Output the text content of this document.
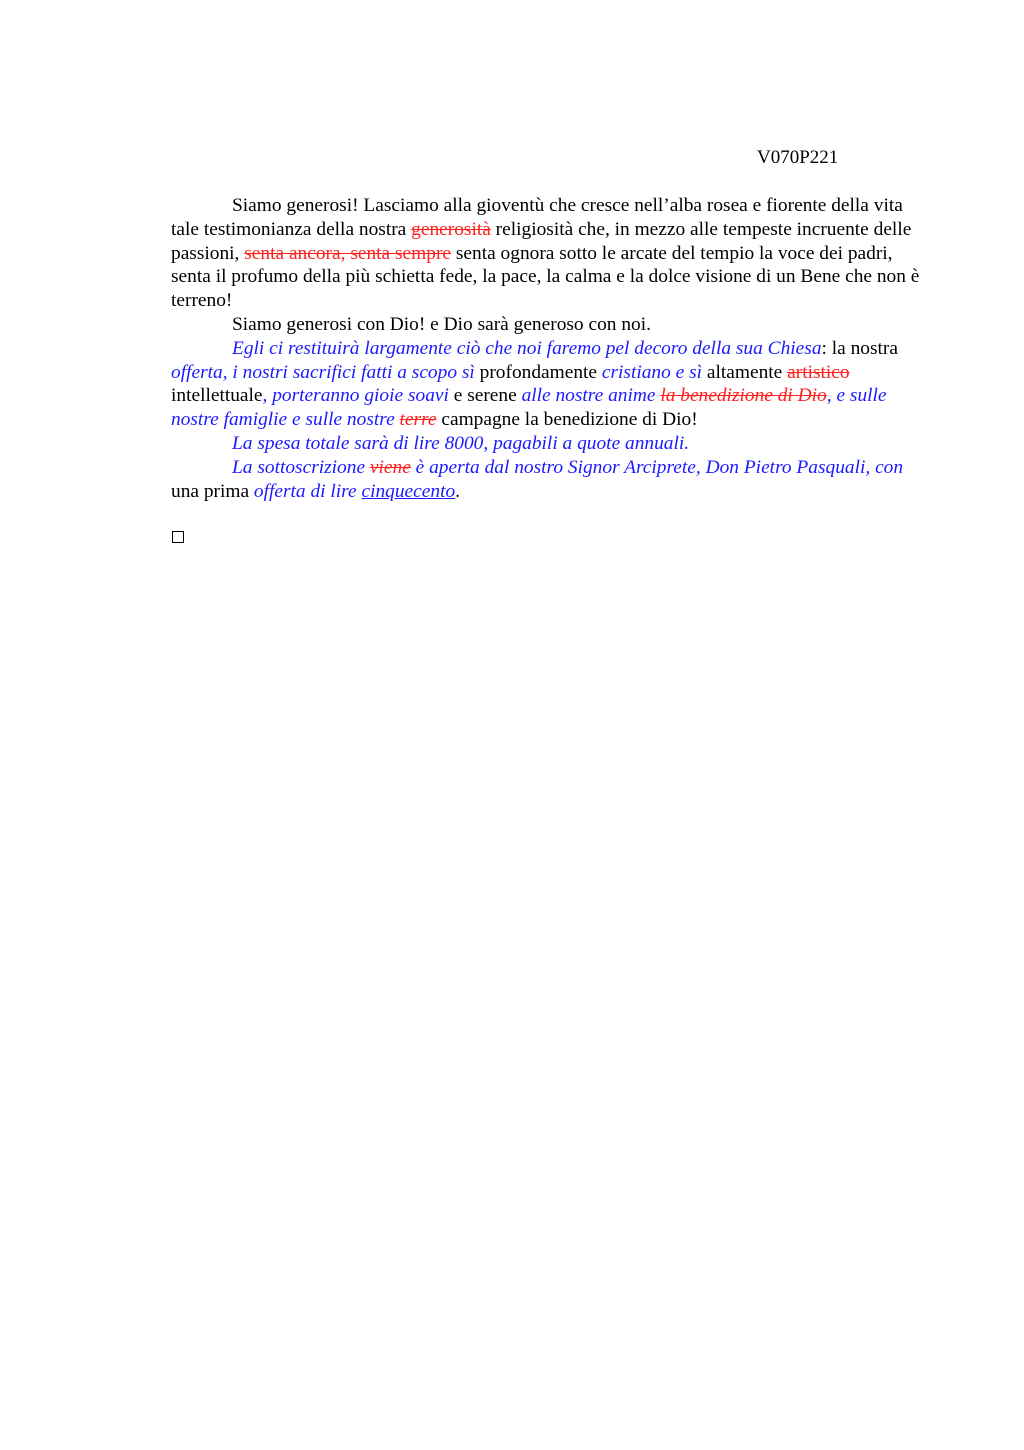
V070P221

Siamo generosi! Lasciamo alla gioventù che cresce nell’alba rosea e fiorente della vita tale testimonianza della nostra generosità religiosità che, in mezzo alle tempeste incruente delle passioni, senta ancora, senta sempre senta ognora sotto le arcate del tempio la voce dei padri, senta il profumo della più schietta fede, la pace, la calma e la dolce visione di un Bene che non è terreno!

Siamo generosi con Dio! e Dio sarà generoso con noi.

Egli ci restituirà largamente ciò che noi faremo pel decoro della sua Chiesa: la nostra offerta, i nostri sacrifici fatti a scopo sì profondamente cristiano e sì altamente artistico intellettuale, porteranno gioie soavi e serene alle nostre anime la benedizione di Dio, e sulle nostre famiglie e sulle nostre terre campagne la benedizione di Dio!

La spesa totale sarà di lire 8000, pagabili a quote annuali.

La sottoscrizione viene è aperta dal nostro Signor Arciprete, Don Pietro Pasquali, con una prima offerta di lire cinquecento.
